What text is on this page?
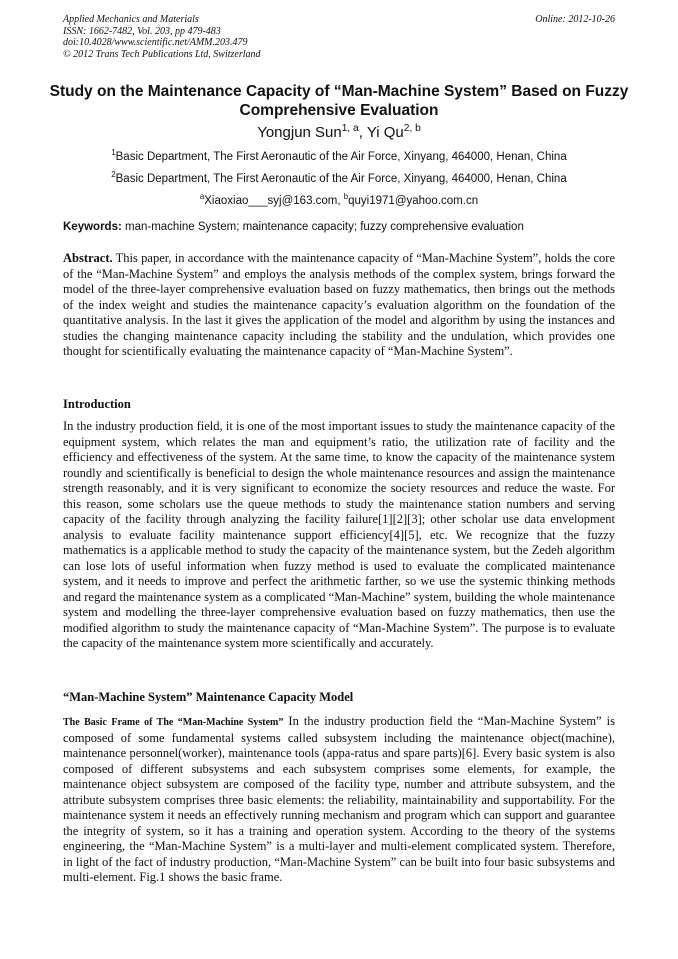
Applied Mechanics and Materials
ISSN: 1662-7482, Vol. 203, pp 479-483
doi:10.4028/www.scientific.net/AMM.203.479
© 2012 Trans Tech Publications Ltd, Switzerland
Online: 2012-10-26
Study on the Maintenance Capacity of “Man-Machine System” Based on Fuzzy Comprehensive Evaluation
Yongjun Sun$^{1, a}$, Yi Qu$^{2, b}$
$^1$Basic Department, The First Aeronautic of the Air Force, Xinyang, 464000, Henan, China
$^2$Basic Department, The First Aeronautic of the Air Force, Xinyang, 464000, Henan, China
$^a$Xiaoxiao___syj@163.com, $^b$quyi1971@yahoo.com.cn
Keywords: man-machine System; maintenance capacity; fuzzy comprehensive evaluation
Abstract. This paper, in accordance with the maintenance capacity of “Man-Machine System”, holds the core of the “Man-Machine System” and employs the analysis methods of the complex system, brings forward the model of the three-layer comprehensive evaluation based on fuzzy mathematics, then brings out the methods of the index weight and studies the maintenance capacity’s evaluation algorithm on the foundation of the quantitative analysis. In the last it gives the application of the model and algorithm by using the instances and studies the changing maintenance capacity including the stability and the undulation, which provides one thought for scientifically evaluating the maintenance capacity of “Man-Machine System”.
Introduction
In the industry production field, it is one of the most important issues to study the maintenance capacity of the equipment system, which relates the man and equipment’s ratio, the utilization rate of facility and the efficiency and effectiveness of the system. At the same time, to know the capacity of the maintenance system roundly and scientifically is beneficial to design the whole maintenance resources and assign the maintenance strength reasonably, and it is very significant to economize the society resources and reduce the waste. For this reason, some scholars use the queue methods to study the maintenance station numbers and serving capacity of the facility through analyzing the facility failure[1][2][3]; other scholar use data envelopment analysis to evaluate facility maintenance support efficiency[4][5], etc. We recognize that the fuzzy mathematics is a applicable method to study the capacity of the maintenance system, but the Zedeh algorithm can lose lots of useful information when fuzzy method is used to evaluate the complicated maintenance system, and it needs to improve and perfect the arithmetic farther, so we use the systemic thinking methods and regard the maintenance system as a complicated “Man-Machine” system, building the whole maintenance system and modelling the three-layer comprehensive evaluation based on fuzzy mathematics, then use the modified algorithm to study the maintenance capacity of “Man-Machine System”. The purpose is to evaluate the capacity of the maintenance system more scientifically and accurately.
“Man-Machine System” Maintenance Capacity Model
The Basic Frame of The “Man-Machine System” In the industry production field the “Man-Machine System” is composed of some fundamental systems called subsystem including the maintenance object(machine), maintenance personnel(worker), maintenance tools (appa-ratus and spare parts)[6]. Every basic system is also composed of different subsystems and each subsystem comprises some elements, for example, the maintenance object subsystem are composed of the facility type, number and attribute subsystem, and the attribute subsystem comprises three basic elements: the reliability, maintainability and supportability. For the maintenance system it needs an effectively running mechanism and program which can support and guarantee the integrity of system, so it has a training and operation system. According to the theory of the systems engineering, the “Man-Machine System” is a multi-layer and multi-element complicated system. Therefore, in light of the fact of industry production, “Man-Machine System” can be built into four basic subsystems and multi-element. Fig.1 shows the basic frame.
